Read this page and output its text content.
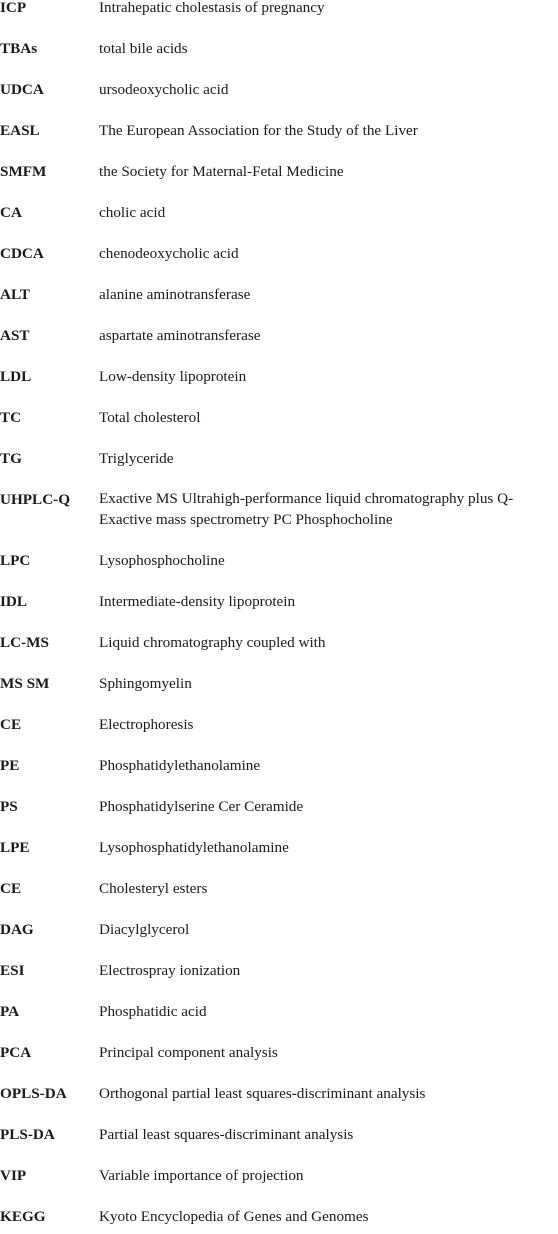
ICP	Intrahepatic cholestasis of pregnancy
TBAs	total bile acids
UDCA	ursodeoxycholic acid
EASL	The European Association for the Study of the Liver
SMFM	the Society for Maternal-Fetal Medicine
CA	cholic acid
CDCA	chenodeoxycholic acid
ALT	alanine aminotransferase
AST	aspartate aminotransferase
LDL	Low-density lipoprotein
TC	Total cholesterol
TG	Triglyceride
UHPLC-Q	Exactive MS Ultrahigh-performance liquid chromatography plus Q-Exactive mass spectrometry PC Phosphocholine
LPC	Lysophosphocholine
IDL	Intermediate-density lipoprotein
LC-MS	Liquid chromatography coupled with
MS SM	Sphingomyelin
CE	Electrophoresis
PE	Phosphatidylethanolamine
PS	Phosphatidylserine Cer Ceramide
LPE	Lysophosphatidylethanolamine
CE	Cholesteryl esters
DAG	Diacylglycerol
ESI	Electrospray ionization
PA	Phosphatidic acid
PCA	Principal component analysis
OPLS-DA	Orthogonal partial least squares-discriminant analysis
PLS-DA	Partial least squares-discriminant analysis
VIP	Variable importance of projection
KEGG	Kyoto Encyclopedia of Genes and Genomes
